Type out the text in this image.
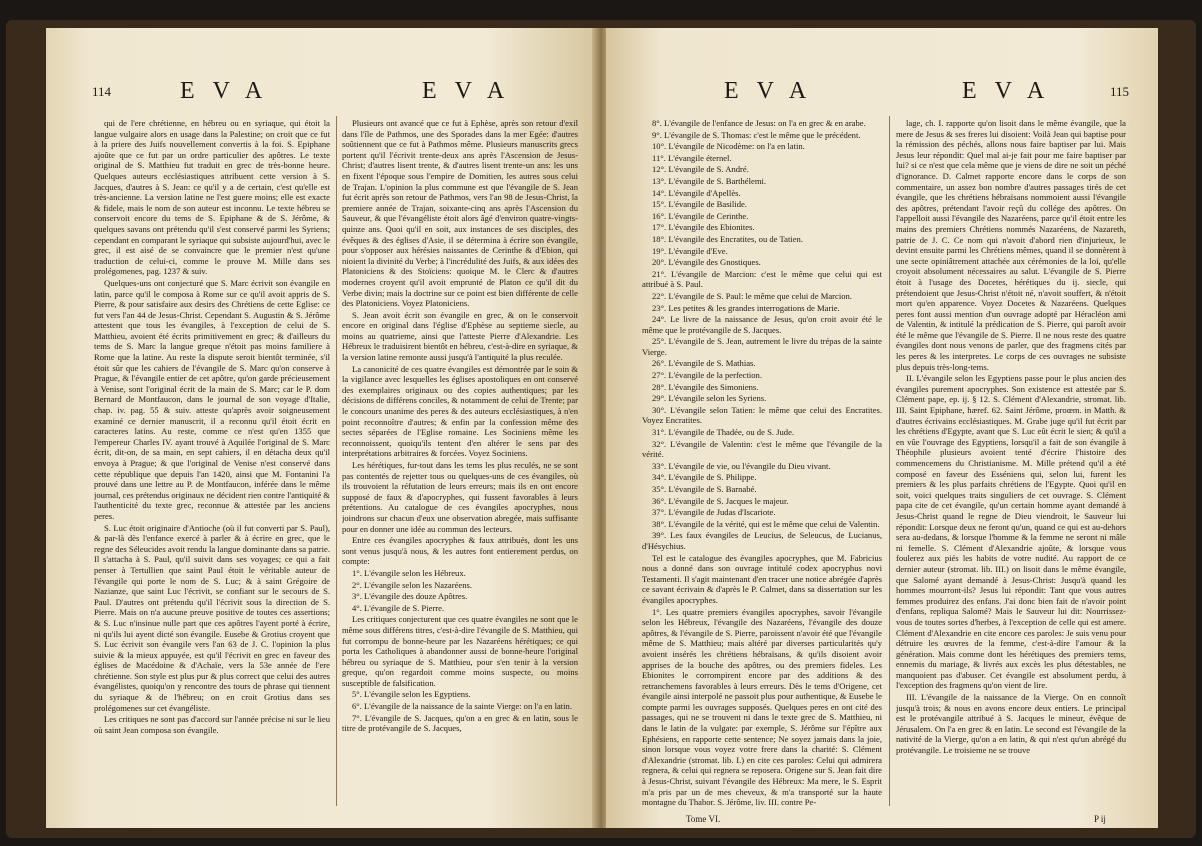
114	EVA	EVA

qui de l'ere chrétienne, en hébreu ou en syriaque, qui étoit la langue vulgaire alors en usage dans la Palestine; on croit que ce fut à la priere des Juifs nouvellement convertis à la foi. S. Epiphane ajoûte que ce fut par un ordre particulier des apôtres. Le texte original de S. Matthieu fut traduit en grec de très-bonne heure. Quelques auteurs ecclésiastiques attribuent cette version à S. Jacques, d'autres à S. Jean: ce qu'il y a de certain, c'est qu'elle est très-ancienne. La version latine ne l'est guere moins; elle est exacte & fidele, mais le nom de son auteur est inconnu. Le texte hébreu se conservoit encore du tems de S. Epiphane & de S. Jérôme, & quelques savans ont prétendu qu'il s'est conservé parmi les Syriens; cependant en comparant le syriaque qui subsiste aujourd'hui, avec le grec, il est aisé de se convaincre que le premier n'est qu'une traduction de celui-ci, comme le prouve M. Mille dans ses prolégomenes, pag. 1237 & suiv.

Quelques-uns ont conjecturé que S. Marc écrivit son évangile en latin, parce qu'il le composa à Rome sur ce qu'il avoit appris de S. Pierre, & pour satisfaire aux desirs des Chrétiens de cette Eglise: ce fut vers l'an 44 de Jesus-Christ. Cependant S. Augustin & S. Jérôme attestent que tous les évangiles, à l'exception de celui de S. Matthieu, avoient été écrits primitivement en grec; & d'ailleurs du tems de S. Marc la langue greque n'étoit pas moins familiere à Rome que la latine. Au reste la dispute seroit bientôt terminée, s'il étoit sûr que les cahiers de l'évangile de S. Marc qu'on conserve à Prague, & l'évangile entier de cet apôtre, qu'on garde précieusement à Venise, sont l'original écrit de la main de S. Marc; car le P. dom Bernard de Montfaucon, dans le journal de son voyage d'Italie, chap. iv. pag. 55 & suiv. atteste qu'après avoir soigneusement examiné ce dernier manuscrit, il a reconnu qu'il étoit écrit en caracteres latins. Au reste, comme ce n'est qu'en 1355 que l'empereur Charles IV. ayant trouvé à Aquilée l'original de S. Marc écrit, dit-on, de sa main, en sept cahiers, il en détacha deux qu'il envoya à Prague; & que l'original de Venise n'est conservé dans cette république que depuis l'an 1420, ainsi que M. Fontanini l'a prouvé dans une lettre au P. de Montfaucon, inférée dans le même journal, ces prétendus originaux ne décident rien contre l'antiquité & l'authenticité du texte grec, reconnue & attestée par les anciens peres.

S. Luc étoit originaire d'Antioche (où il fut converti par S. Paul), & par-là dès l'enfance exercé à parler & à écrire en grec, que le regne des Séleucides avoit rendu la langue dominante dans sa patrie. Il s'attacha à S. Paul, qu'il suivit dans ses voyages; ce qui a fait penser à Tertullien que saint Paul étoit le véritable auteur de l'évangile qui porte le nom de S. Luc; & à saint Grégoire de Nazianze, que saint Luc l'écrivit, se confiant sur le secours de S. Paul. D'autres ont prétendu qu'il l'écrivit sous la direction de S. Pierre. Mais on n'a aucune preuve positive de toutes ces assertions; & S. Luc n'insinue nulle part que ces apôtres l'ayent porté à écrire, ni qu'ils lui ayent dicté son évangile. Eusebe & Grotius croyent que S. Luc écrivit son évangile vers l'an 63 de J. C. l'opinion la plus suivie & la mieux appuyée, est qu'il l'écrivit en grec en faveur des églises de Macédoine & d'Achaïe, vers la 53e année de l'ere chrétienne. Son style est plus pur & plus correct que celui des autres évangélistes, quoiqu'on y rencontre des tours de phrase qui tiennent du syriaque & de l'hébreu; on en croit Grotius dans ses prolégomenes sur cet évangéliste.

Les critiques ne sont pas d'accord sur l'année précise ni sur le lieu où saint Jean composa son évangile.

Plusieurs ont avancé que ce fut à Ephèse, après son retour d'exil dans l'île de Pathmos, une des Sporades dans la mer Egée: d'autres soûtiennent que ce fut à Pathmos même. Plusieurs manuscrits grecs portent qu'il l'écrivit trente-deux ans après l'Ascension de Jesus-Christ; d'autres lisent trente, & d'autres lisent trente-un ans: les uns en fixent l'époque sous l'empire de Domitien, les autres sous celui de Trajan. L'opinion la plus commune est que l'évangile de S. Jean fut écrit après son retour de Pathmos, vers l'an 98 de Jesus-Christ, la premiere année de Trajan, soixante-cinq ans après l'Ascension du Sauveur, & que l'évangéliste étoit alors âgé d'environ quatre-vingts-quinze ans. Quoi qu'il en soit, aux instances de ses disciples, des évêques & des églises d'Asie, il se détermina à écrire son évangile, pour s'opposer aux hérésies naissantes de Cerinthe & d'Ebion, qui nioient la divinité du Verbe; à l'incrédulité des Juifs, & aux idées des Platoniciens & des Stoïciens: quoique M. le Clerc & d'autres modernes croyent qu'il avoit emprunté de Platon ce qu'il dit du Verbe divin; mais la doctrine sur ce point est bien différente de celle des Platoniciens. Voyez Platoniciens.

S. Jean avoit écrit son évangile en grec, & on le conservoit encore en original dans l'église d'Ephèse au septieme siecle, au moins au quatrieme, ainsi que l'atteste Pierre d'Alexandrie. Les Hébreux le traduisirent bientôt en hébreu, c'est-à-dire en syriaque, & la version latine remonte aussi jusqu'à l'antiquité la plus reculée.

La canonicité de ces quatre évangiles est démontrée par le soin & la vigilance avec lesquelles les églises apostoliques en ont conservé des exemplaires originaux ou des copies authentiques; par les décisions de différens conciles, & notamment de celui de Trente; par le concours unanime des peres & des auteurs ecclésiastiques, à n'en point reconnoître d'autres; & enfin par la confession même des sectes séparées de l'Eglise romaine. Les Sociniens même les reconnoissent, quoiqu'ils tentent d'en altérer le sens par des interprétations arbitraires & forcées. Voyez Sociniens.

Les hérétiques, fur-tout dans les tems les plus reculés, ne se sont pas contentés de rejetter tous ou quelques-uns de ces évangiles, où ils trouvoient la réfutation de leurs erreurs; mais ils en ont encore supposé de faux & d'apocryphes, qui fussent favorables à leurs prétentions. Au catalogue de ces évangiles apocryphes, nous joindrons sur chacun d'eux une observation abregée, mais suffisante pour en donner une idée au commun des lecteurs.

Entre ces évangiles apocryphes & faux attribués, dont les uns sont venus jusqu'à nous, & les autres font entierement perdus, on compte:

1°. L'évangile selon les Hébreux.

2°. L'évangile selon les Nazaréens.

3°. L'évangile des douze Apôtres.

4°. L'évangile de S. Pierre.

Les critiques conjecturent que ces quatre évangiles ne sont que le même sous différens titres, c'est-à-dire l'évangile de S. Matthieu, qui fut corrompu de bonne-heure par les Nazaréens hérétiques; ce qui porta les Catholiques à abandonner aussi de bonne-heure l'original hébreu ou syriaque de S. Matthieu, pour s'en tenir à la version greque, qu'on regardoit comme moins suspecte, ou moins susceptible de falsification.

5°. L'évangile selon les Egyptiens.

6°. L'évangile de la naissance de la sainte Vierge: on l'a en latin.

7°. L'évangile de S. Jacques, qu'on a en grec & en latin, sous le titre de protévangile de S. Jacques,

EVA	EVA	115

8°. L'évangile de l'enfance de Jesus: on l'a en grec & en arabe.

9°. L'évangile de S. Thomas: c'est le même que le précédent.

10°. L'évangile de Nicodème: on l'a en latin.

11°. L'évangile éternel.

12°. L'évangile de S. André.

13°. L'évangile de S. Barthélemi.

14°. L'évangile d'Apellès.

15°. L'évangile de Basilide.

16°. L'évangile de Cerinthe.

17°. L'évangile des Ebionites.

18°. L'évangile des Encratites, ou de Tatien.

19°. L'évangile d'Eve.

20°. L'évangile des Gnostiques.

21°. L'évangile de Marcion: c'est le même que celui qui est attribué à S. Paul.

22°. L'évangile de S. Paul: le même que celui de Marcion.

23°. Les petites & les grandes interrogations de Marie.

24°. Le livre de la naissance de Jesus, qu'on croit avoir été le même que le protévangile de S. Jacques.

25°. L'évangile de S. Jean, autrement le livre du trépas de la sainte Vierge.

26°. L'évangile de S. Mathias.

27°. L'évangile de la perfection.

28°. L'évangile des Simoniens.

29°. L'évangile selon les Syriens.

30°. L'évangile selon Tatien: le même que celui des Encratites. Voyez Encratites.

31°. L'évangile de Thadée, ou de S. Jude.

32°. L'évangile de Valentin: c'est le même que l'évangile de la vérité.

33°. L'évangile de vie, ou l'évangile du Dieu vivant.

34°. L'évangile de S. Philippe.

35°. L'évangile de S. Barnabé.

36°. L'évangile de S. Jacques le majeur.

37°. L'évangile de Judas d'Iscariote.

38°. L'évangile de la vérité, qui est le même que celui de Valentin.

39°. Les faux évangiles de Leucius, de Seleucus, de Lucianus, d'Hésychius.

Tel est le catalogue des évangiles apocryphes, que M. Fabricius nous a donné dans son ouvrage intitulé codex apocryphus novi Testamenti. Il s'agit maintenant d'en tracer une notice abrégée d'après ce savant écrivain & d'après le P. Calmet, dans sa dissertation sur les évangiles apocryphes.

1°. Les quatre premiers évangiles apocryphes, savoir l'évangile selon les Hébreux, l'évangile des Nazaréens, l'évangile des douze apôtres, & l'évangile de S. Pierre, paroissent n'avoir été que l'évangile même de S. Matthieu; mais altéré par diverses particularités qu'y avoient insérés les chrétiens hébraïsans, & qu'ils disoient avoir apprises de la bouche des apôtres, ou des premiers fideles. Les Ebionites le corrompirent encore par des additions & des retranchemens favorables à leurs erreurs. Dès le tems d'Origene, cet évangile ainsi interpolé ne passoit plus pour authentique, & Eusebe le compte parmi les ouvrages supposés. Quelques peres en ont cité des passages, qui ne se trouvent ni dans le texte grec de S. Matthieu, ni dans le latin de la vulgate: par exemple, S. Jérôme sur l'épître aux Ephésiens, en rapporte cette sentence; Ne soyez jamais dans la joie, sinon lorsque vous voyez votre frere dans la charité: S. Clément d'Alexandrie (stromat. lib. I.) en cite ces paroles: Celui qui admirera regnera, & celui qui regnera se reposera. Origene sur S. Jean fait dire à Jesus-Christ, suivant l'évangile des Hébreux: Ma mere, le S. Esprit m'a pris par un de mes cheveux, & m'a transporté sur la haute montagne du Thabor. S. Jérôme, liv. III. contre Pe-

lage, ch. I. rapporte qu'on lisoit dans le même évangile, que la mere de Jesus & ses freres lui disoient: Voilà Jean qui baptise pour la rémission des péchés, allons nous faire baptiser par lui. Mais Jesus leur répondit: Quel mal ai-je fait pour me faire baptiser par lui? si ce n'est que cela même que je viens de dire ne soit un péché d'ignorance. D. Calmet rapporte encore dans le corps de son commentaire, un assez bon nombre d'autres passages tirés de cet évangile, que les chrétiens hébraïsans nommoient aussi l'évangile des apôtres, prétendant l'avoir reçû du collége des apôtres. On l'appelloit aussi l'évangile des Nazaréens, parce qu'il étoit entre les mains des premiers Chrétiens nommés Nazaréens, de Nazareth, patrie de J. C. Ce nom qui n'avoit d'abord rien d'injurieux, le devint ensuite parmi les Chrétiens mêmes, quand il se donnèrent à une secte opiniâtrement attachée aux cérémonies de la loi, qu'elle croyoit absolument nécessaires au salut. L'évangile de S. Pierre étoit à l'usage des Docetes, hérétiques du ij. siecle, qui prétendoient que Jesus-Christ n'étoit né, n'avoit souffert, & n'étoit mort qu'en apparence. Voyez Docetes & Nazaréens. Quelques peres font aussi mention d'un ouvrage adopté par Héracléon ami de Valentin, & intitulé la prédication de S. Pierre, qui paroît avoir été le même que l'évangile de S. Pierre. Il ne nous reste des quatre évangiles dont nous venons de parler, que des fragmens cités par les peres & les interpretes. Le corps de ces ouvrages ne subsiste plus depuis très-long-tems.

II. L'évangile selon les Egyptiens passe pour le plus ancien des évangiles purement apocryphes. Son existence est attestée par S. Clément pape, ep. ij. § 12. S. Clément d'Alexandrie, stromat. lib. III. Saint Epiphane, hæref. 62. Saint Jérôme, proœm. in Matth. & d'autres écrivains ecclésiastiques. M. Grabe juge qu'il fut écrit par les chrétiens d'Egypte, avant que S. Luc eût écrit le sien; & qu'il a en vûe l'ouvrage des Egyptiens, lorsqu'il a fait de son évangile à Théophile plusieurs avoient tenté d'écrire l'histoire des commencemens du Christianisme. M. Mille prétend qu'il a été composé en faveur des Esséniens qui, selon lui, furent les premiers & les plus parfaits chrétiens de l'Egypte. Quoi qu'il en soit, voici quelques traits singuliers de cet ouvrage. S. Clément papa cite de cet évangile, qu'un certain homme ayant demandé à Jesus-Christ quand le regne de Dieu viendroit, le Sauveur lui répondit: Lorsque deux ne feront qu'un, quand ce qui est au-dehors sera au-dedans, & lorsque l'homme & la femme ne seront ni mâle ni femelle. S. Clément d'Alexandrie ajoûte, & lorsque vous foulerez aux piés les habits de votre nudité. Au rapport de ce dernier auteur (stromat. lib. III.) on lisoit dans le même évangile, que Salomé ayant demandé à Jesus-Christ: Jusqu'à quand les hommes mourront-ils? Jesus lui répondit: Tant que vous autres femmes produirez des enfans. J'ai donc bien fait de n'avoir point d'enfans, repliqua Salomé? Mais le Sauveur lui dit: Nourrissez-vous de toutes sortes d'herbes, à l'exception de celle qui est amere. Clément d'Alexandrie en cite encore ces paroles: Je suis venu pour détruire les œuvres de la femme, c'est-à-dire l'amour & la génération. Mais comme dont les hérétiques des premiers tems, ennemis du mariage, & livrés aux excès les plus détestables, ne manquoient pas d'abuser. Cet évangile est absolument perdu, à l'exception des fragmens qu'on vient de lire.

III. L'évangile de la naissance de la Vierge. On en connoît jusqu'à trois; & nous en avons encore deux entiers. Le principal est le protévangile attribué à S. Jacques le mineur, évêque de Jérusalem. On l'a en grec & en latin. Le second est l'évangile de la nativité de la Vierge, qu'on a en latin, & qui n'est qu'un abrégé du protévangile. Le troisieme ne se trouve

Tome VI.	P ij
